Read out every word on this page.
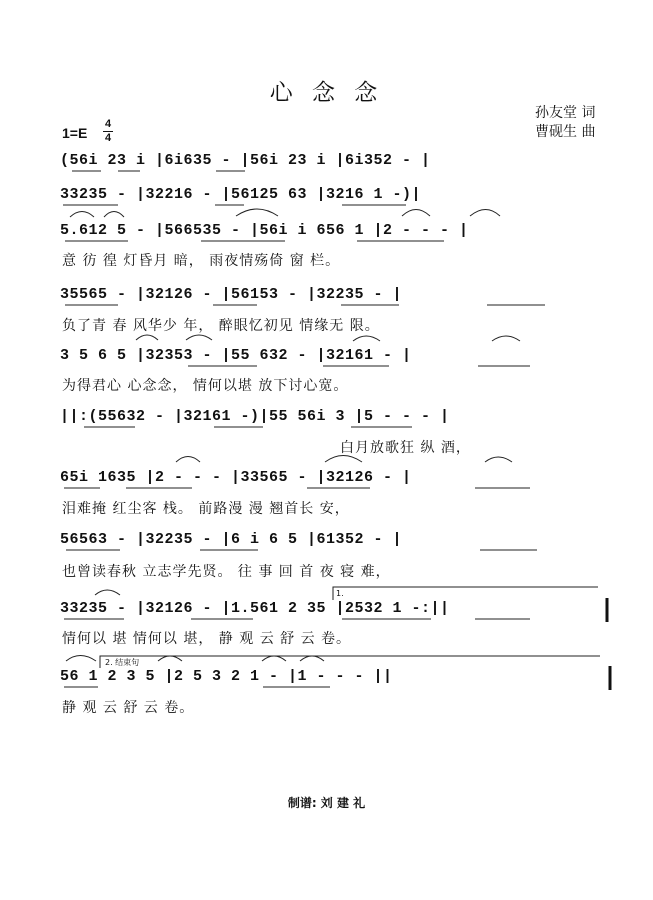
心 念 念
孙友堂 词
曹砚生 曲
1=E
4
4
(56i 23 i |6i635 - |56i 23 i |6i352 - |
33235 - |32216 - |56125 63 |3216 1 -)|
5.612 5 - |566535 - |56i i 656 1 |2 - - - |
意 彷 徨 灯昏月 暗， 雨夜情殇倚 窗 栏。
35565 - |32126 - |56153 - |32235 - |
负了青 春 风华少 年， 醉眼忆初见 情缘无 限。
3 5 6 5 |32353 - |55 632 - |32161 - |
为得君心 心念念， 情何以堪 放下讨心宽。
||:(55632 - |32161 -)|55 56i 3 |5 - - - |
白月放歌狂 纵 酒，
65i 1635 |2 - - - |33565 - |32126 - |
泪难掩 红尘客 栈。 前路漫 漫 翘首长 安，
56563 - |32235 - |6 i 6 5 |61352 - |
也曾读春秋 立志学先贤。 往 事 回 首 夜 寝 难，
33235 - |32126 - |1.561 2 35 |2532 1 -:||
情何以 堪 情何以 堪， 静 观 云 舒 云 卷。
56 1 2 3 5 |2 5 3 2 1 - |1 - - - ||
静 观 云 舒 云 卷。
1.
2. 结束句
制谱: 刘 建 礼
